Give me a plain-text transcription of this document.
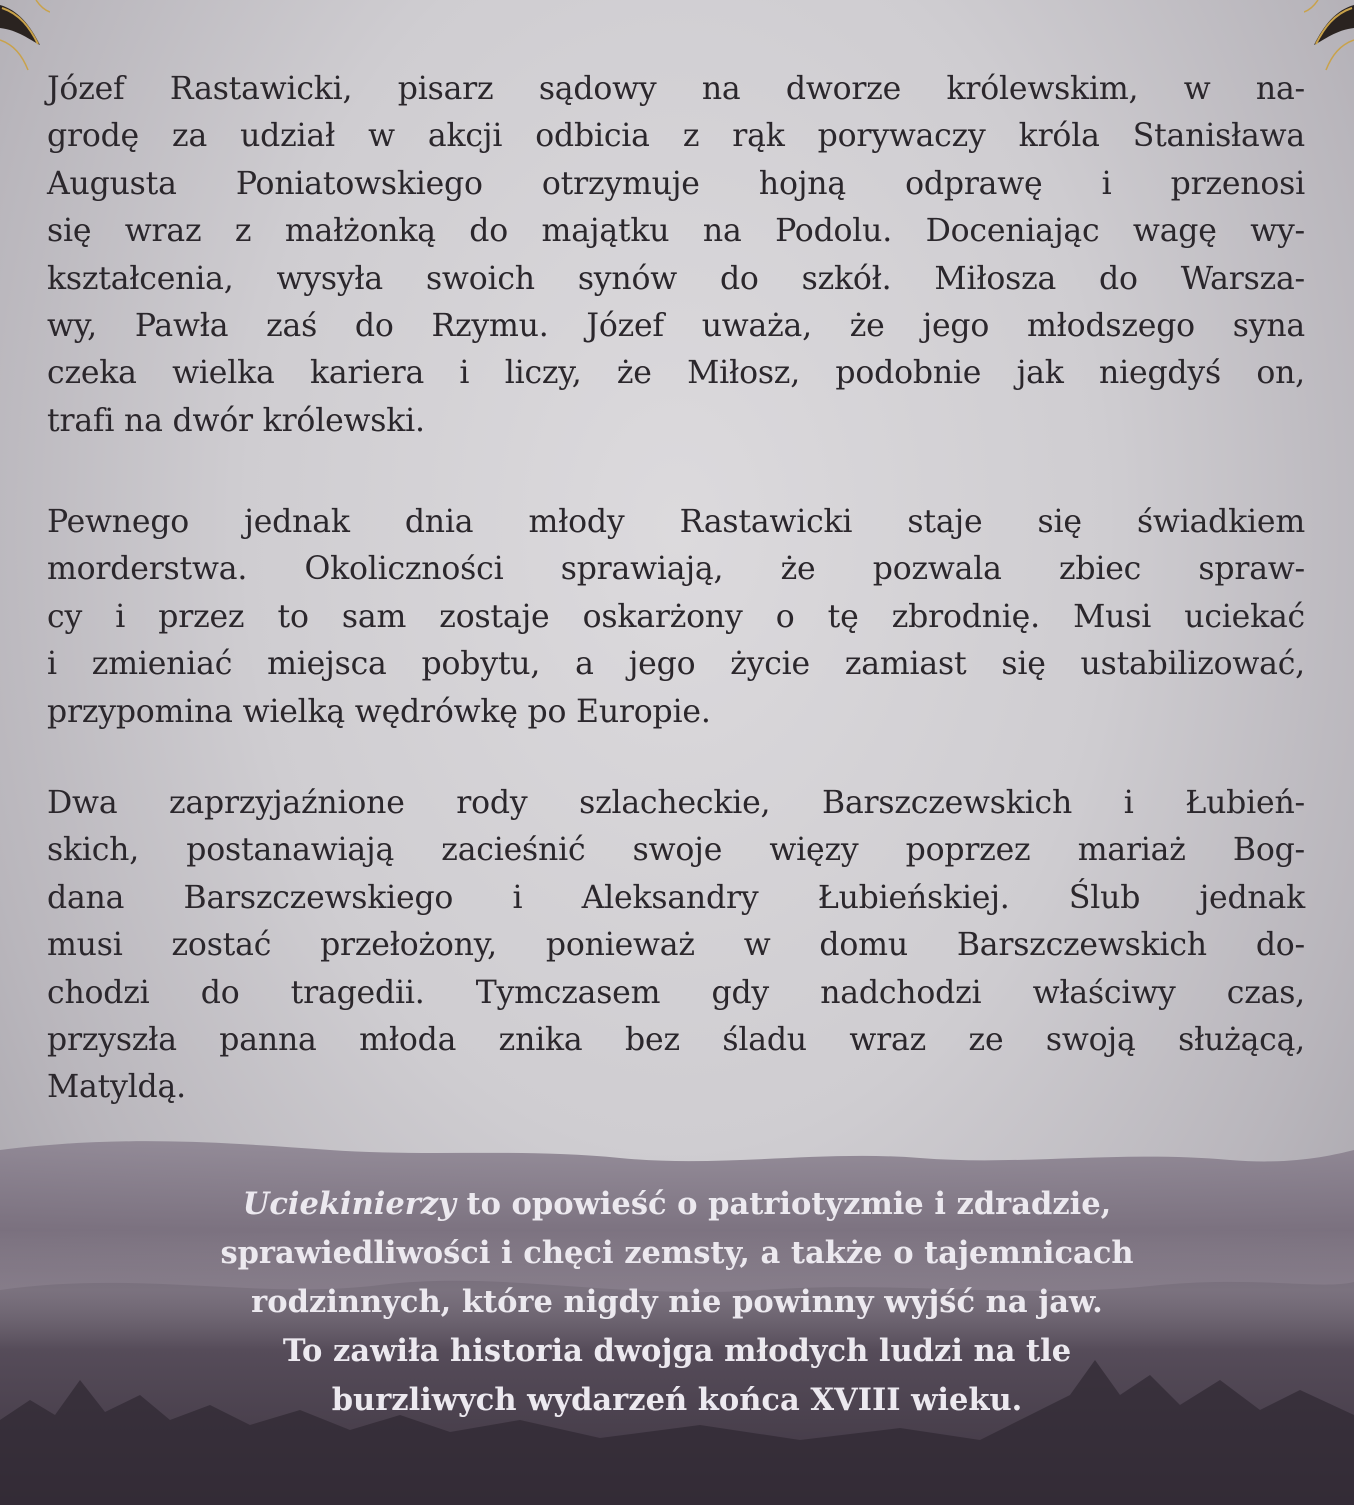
Józef Rastawicki, pisarz sądowy na dworze królewskim, w na-
grodę za udział w akcji odbicia z rąk porywaczy króla Stanisława
Augusta Poniatowskiego otrzymuje hojną odprawę i przenosi
się wraz z małżonką do majątku na Podolu. Doceniając wagę wy-
kształcenia, wysyła swoich synów do szkół. Miłosza do Warsza-
wy, Pawła zaś do Rzymu. Józef uważa, że jego młodszego syna
czeka wielka kariera i liczy, że Miłosz, podobnie jak niegdyś on,
trafi na dwór królewski.
Pewnego jednak dnia młody Rastawicki staje się świadkiem
morderstwa. Okoliczności sprawiają, że pozwala zbiec spraw-
cy i przez to sam zostaje oskarżony o tę zbrodnię. Musi uciekać
i zmieniać miejsca pobytu, a jego życie zamiast się ustabilizować,
przypomina wielką wędrówkę po Europie.
Dwa zaprzyjaźnione rody szlacheckie, Barszczewskich i Łubień-
skich, postanawiają zacieśnić swoje więzy poprzez mariaż Bog-
dana Barszczewskiego i Aleksandry Łubieńskiej. Ślub jednak
musi zostać przełożony, ponieważ w domu Barszczewskich do-
chodzi do tragedii. Tymczasem gdy nadchodzi właściwy czas,
przyszła panna młoda znika bez śladu wraz ze swoją służącą,
Matyldą.
Uciekinierzy to opowieść o patriotyzmie i zdradzie,
sprawiedliwości i chęci zemsty, a także o tajemnicach
rodzinnych, które nigdy nie powinny wyjść na jaw.
To zawiła historia dwojga młodych ludzi na tle
burzliwych wydarzeń końca XVIII wieku.
